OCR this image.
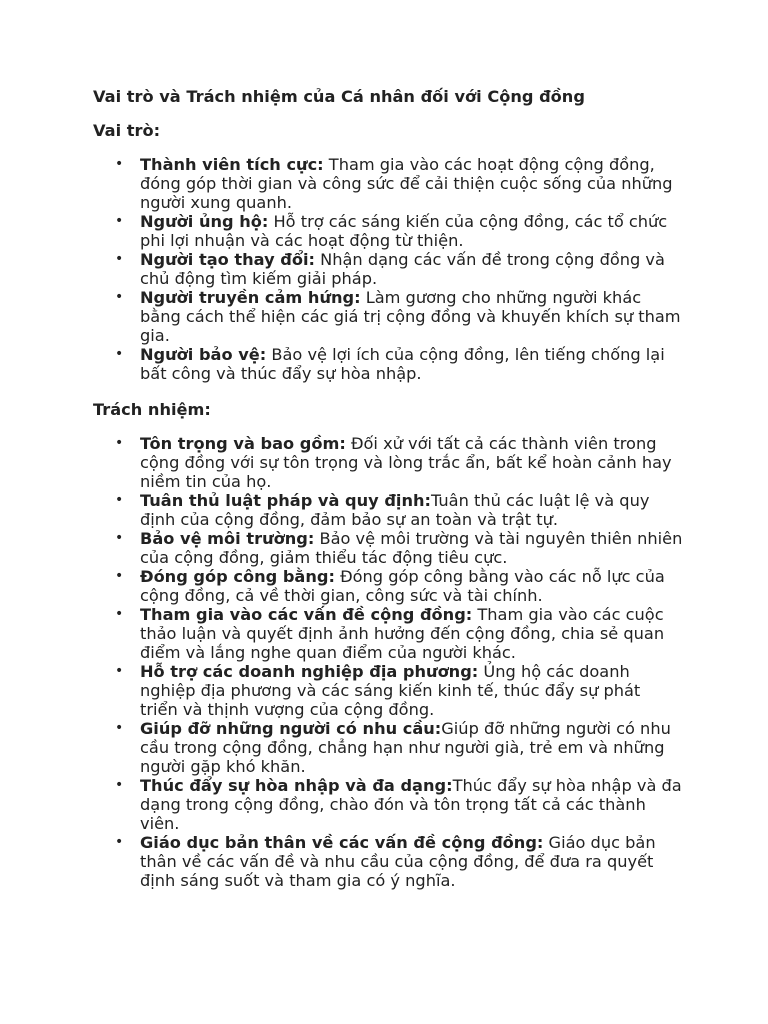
Vai trò và Trách nhiệm của Cá nhân đối với Cộng đồng
Vai trò:
• Thành viên tích cực: Tham gia vào các hoạt động cộng đồng, đóng góp thời gian và công sức để cải thiện cuộc sống của những người xung quanh.
• Người ủng hộ: Hỗ trợ các sáng kiến của cộng đồng, các tổ chức phi lợi nhuận và các hoạt động từ thiện.
• Người tạo thay đổi: Nhận dạng các vấn đề trong cộng đồng và chủ động tìm kiếm giải pháp.
• Người truyền cảm hứng: Làm gương cho những người khác bằng cách thể hiện các giá trị cộng đồng và khuyến khích sự tham gia.
• Người bảo vệ: Bảo vệ lợi ích của cộng đồng, lên tiếng chống lại bất công và thúc đẩy sự hòa nhập.
Trách nhiệm:
• Tôn trọng và bao gồm: Đối xử với tất cả các thành viên trong cộng đồng với sự tôn trọng và lòng trắc ẩn, bất kể hoàn cảnh hay niềm tin của họ.
• Tuân thủ luật pháp và quy định:Tuân thủ các luật lệ và quy định của cộng đồng, đảm bảo sự an toàn và trật tự.
• Bảo vệ môi trường: Bảo vệ môi trường và tài nguyên thiên nhiên của cộng đồng, giảm thiểu tác động tiêu cực.
• Đóng góp công bằng: Đóng góp công bằng vào các nỗ lực của cộng đồng, cả về thời gian, công sức và tài chính.
• Tham gia vào các vấn đề cộng đồng: Tham gia vào các cuộc thảo luận và quyết định ảnh hưởng đến cộng đồng, chia sẻ quan điểm và lắng nghe quan điểm của người khác.
• Hỗ trợ các doanh nghiệp địa phương: Ủng hộ các doanh nghiệp địa phương và các sáng kiến kinh tế, thúc đẩy sự phát triển và thịnh vượng của cộng đồng.
• Giúp đỡ những người có nhu cầu:Giúp đỡ những người có nhu cầu trong cộng đồng, chẳng hạn như người già, trẻ em và những người gặp khó khăn.
• Thúc đẩy sự hòa nhập và đa dạng:Thúc đẩy sự hòa nhập và đa dạng trong cộng đồng, chào đón và tôn trọng tất cả các thành viên.
• Giáo dục bản thân về các vấn đề cộng đồng: Giáo dục bản thân về các vấn đề và nhu cầu của cộng đồng, để đưa ra quyết định sáng suốt và tham gia có ý nghĩa.
